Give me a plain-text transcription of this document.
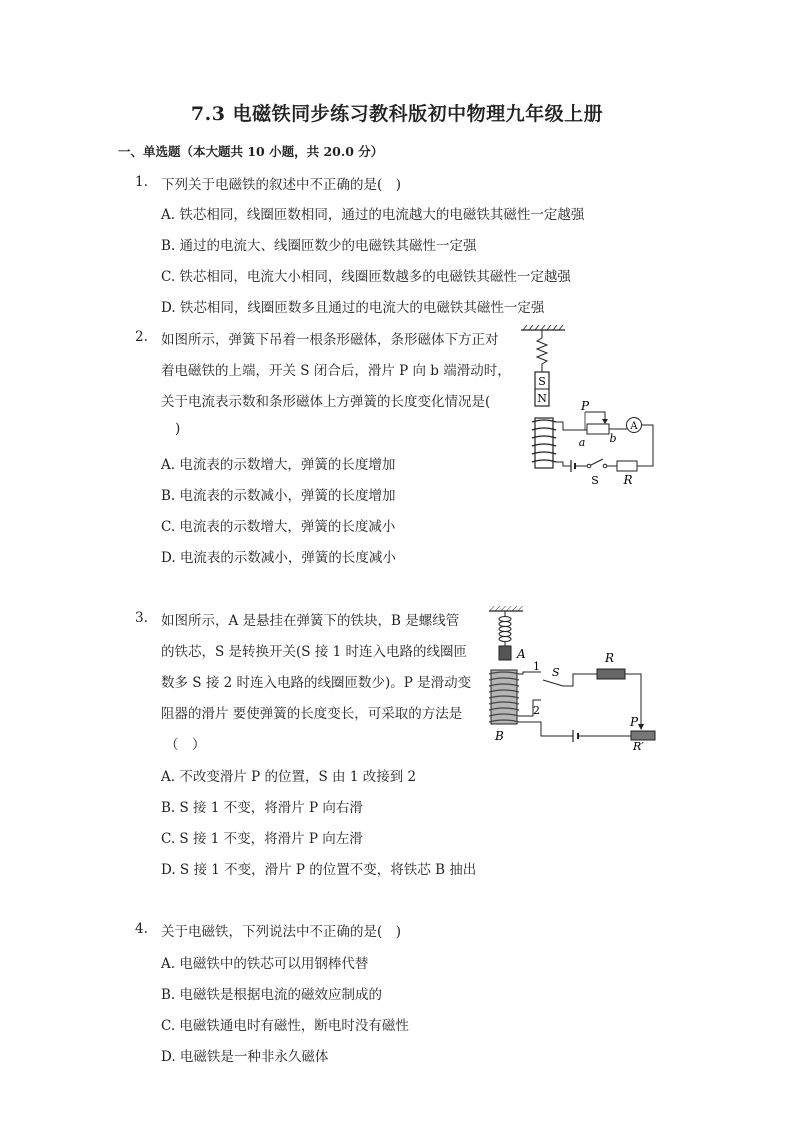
7.3 电磁铁同步练习教科版初中物理九年级上册
一、单选题（本大题共 10 小题，共 20.0 分）
1. 下列关于电磁铁的叙述中不正确的是(　)
A. 铁芯相同，线圈匝数相同，通过的电流越大的电磁铁其磁性一定越强
B. 通过的电流大、线圈匝数少的电磁铁其磁性一定强
C. 铁芯相同，电流大小相同，线圈匝数越多的电磁铁其磁性一定越强
D. 铁芯相同，线圈匝数多且通过的电流大的电磁铁其磁性一定强
2. 如图所示，弹簧下吊着一根条形磁体，条形磁体下方正对
着电磁铁的上端，开关 S 闭合后，滑片 P 向 b 端滑动时，
关于电流表示数和条形磁体上方弹簧的长度变化情况是(
)
A. 电流表的示数增大，弹簧的长度增加
B. 电流表的示数减小，弹簧的长度增加
C. 电流表的示数增大，弹簧的长度减小
D. 电流表的示数减小，弹簧的长度减小
S
N
P
a b
A
S R
3. 如图所示，A 是悬挂在弹簧下的铁块，B 是螺线管
的铁芯，S 是转换开关(S 接 1 时连入电路的线圈匝
数多 S 接 2 时连入电路的线圈匝数少)。P 是滑动变
阻器的滑片 要使弹簧的长度变长，可采取的方法是
（　）
A. 不改变滑片 P 的位置，S 由 1 改接到 2
B. S 接 1 不变，将滑片 P 向右滑
C. S 接 1 不变，将滑片 P 向左滑
D. S 接 1 不变，滑片 P 的位置不变，将铁芯 B 抽出
A
B
1
2
S
R
P
R′
4. 关于电磁铁，下列说法中不正确的是(　)
A. 电磁铁中的铁芯可以用钢棒代替
B. 电磁铁是根据电流的磁效应制成的
C. 电磁铁通电时有磁性，断电时没有磁性
D. 电磁铁是一种非永久磁体
